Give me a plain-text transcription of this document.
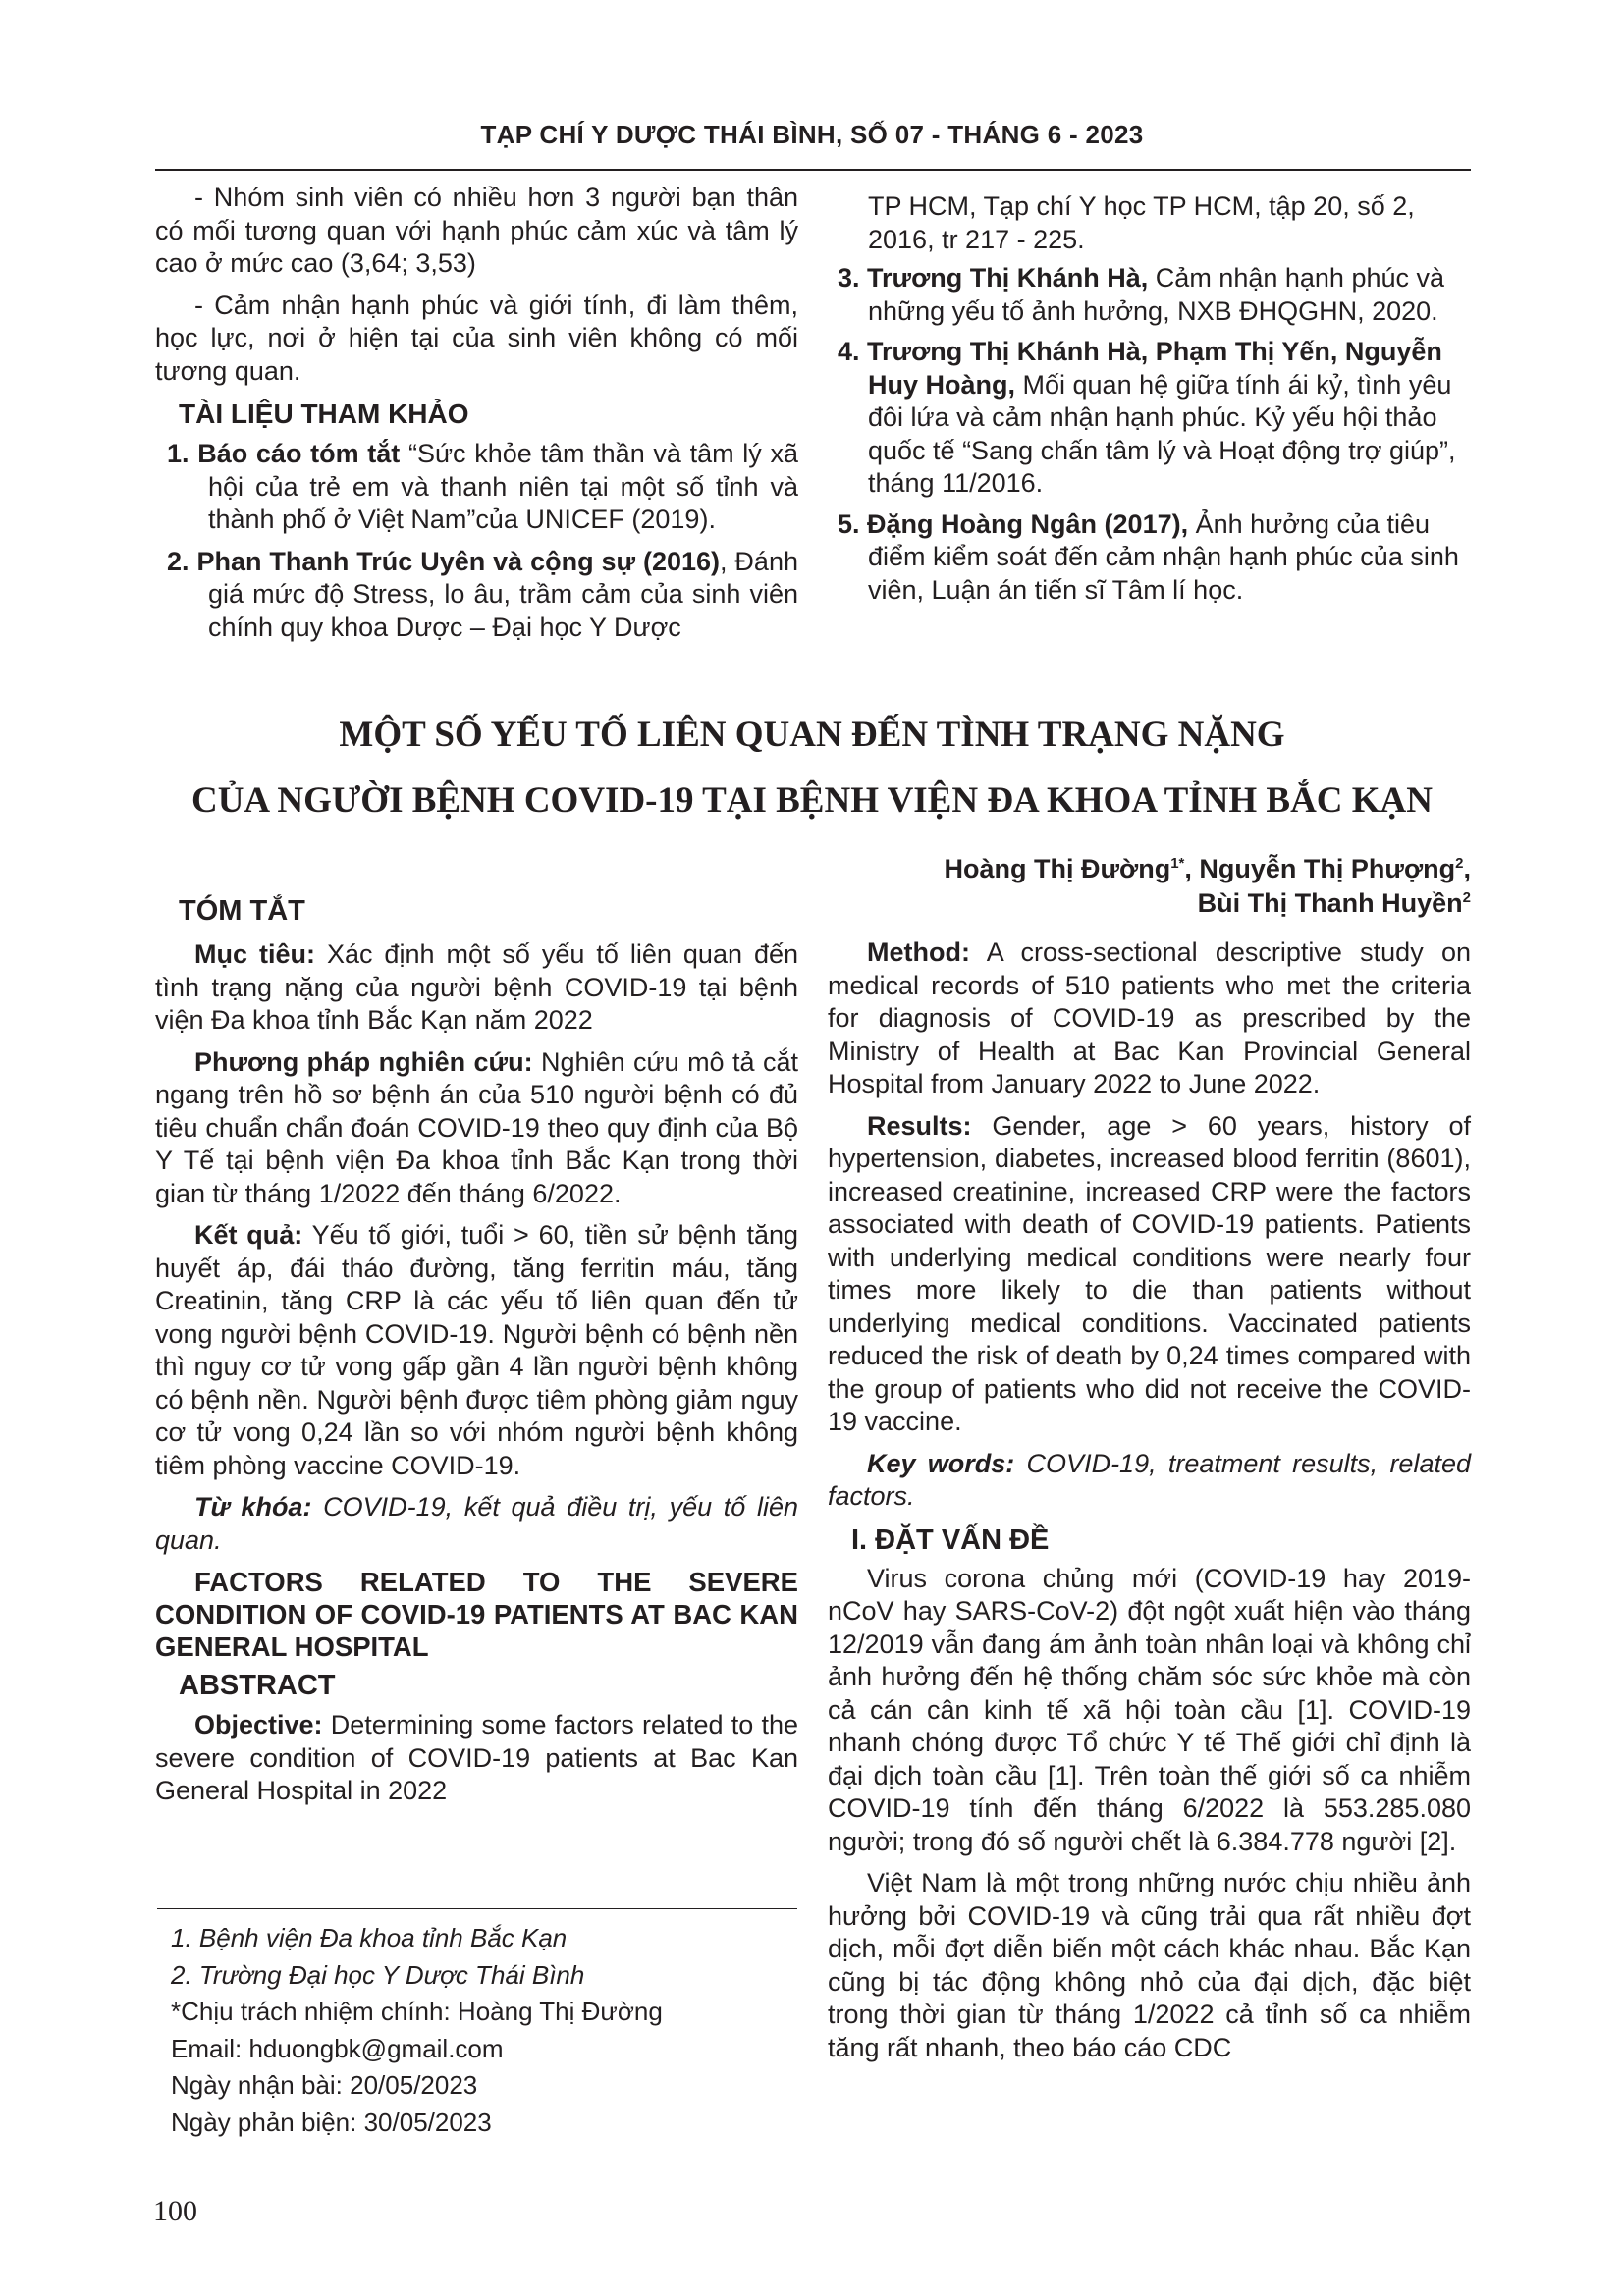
TẠP CHÍ Y DƯỢC THÁI BÌNH, SỐ 07 - THÁNG 6 - 2023

- Nhóm sinh viên có nhiều hơn 3 người bạn thân có mối tương quan với hạnh phúc cảm xúc và tâm lý cao ở mức cao (3,64; 3,53)

- Cảm nhận hạnh phúc và giới tính, đi làm thêm, học lực, nơi ở hiện tại của sinh viên không có mối tương quan.

TÀI LIỆU THAM KHẢO

1. Báo cáo tóm tắt “Sức khỏe tâm thần và tâm lý xã hội của trẻ em và thanh niên tại một số tỉnh và thành phố ở Việt Nam”của UNICEF (2019).

2. Phan Thanh Trúc Uyên và cộng sự (2016), Đánh giá mức độ Stress, lo âu, trầm cảm của sinh viên chính quy khoa Dược – Đại học Y Dược

TP HCM, Tạp chí Y học TP HCM, tập 20, số 2, 2016, tr 217 - 225.

3. Trương Thị Khánh Hà, Cảm nhận hạnh phúc và những yếu tố ảnh hưởng, NXB ĐHQGHN, 2020.

4. Trương Thị Khánh Hà, Phạm Thị Yến, Nguyễn Huy Hoàng, Mối quan hệ giữa tính ái kỷ, tình yêu đôi lứa và cảm nhận hạnh phúc. Kỷ yếu hội thảo quốc tế “Sang chấn tâm lý và Hoạt động trợ giúp”, tháng 11/2016.

5. Đặng Hoàng Ngân (2017), Ảnh hưởng của tiêu điểm kiểm soát đến cảm nhận hạnh phúc của sinh viên, Luận án tiến sĩ Tâm lí học.

MỘT SỐ YẾU TỐ LIÊN QUAN ĐẾN TÌNH TRẠNG NẶNG
CỦA NGƯỜI BỆNH COVID-19 TẠI BỆNH VIỆN ĐA KHOA TỈNH BẮC KẠN
Hoàng Thị Đường$^{1*}$, Nguyễn Thị Phượng$^2$,
Bùi Thị Thanh Huyền$^2$
TÓM TẮT

Mục tiêu: Xác định một số yếu tố liên quan đến tình trạng nặng của người bệnh COVID-19 tại bệnh viện Đa khoa tỉnh Bắc Kạn năm 2022

Phương pháp nghiên cứu: Nghiên cứu mô tả cắt ngang trên hồ sơ bệnh án của 510 người bệnh có đủ tiêu chuẩn chẩn đoán COVID-19 theo quy định của Bộ Y Tế tại bệnh viện Đa khoa tỉnh Bắc Kạn trong thời gian từ tháng 1/2022 đến tháng 6/2022.

Kết quả: Yếu tố giới, tuổi > 60, tiền sử bệnh tăng huyết áp, đái tháo đường, tăng ferritin máu, tăng Creatinin, tăng CRP là các yếu tố liên quan đến tử vong người bệnh COVID-19. Người bệnh có bệnh nền thì nguy cơ tử vong gấp gần 4 lần người bệnh không có bệnh nền. Người bệnh được tiêm phòng giảm nguy cơ tử vong 0,24 lần so với nhóm người bệnh không tiêm phòng vaccine COVID-19.

Từ khóa: COVID-19, kết quả điều trị, yếu tố liên quan.

FACTORS RELATED TO THE SEVERE CONDITION OF COVID-19 PATIENTS AT BAC KAN GENERAL HOSPITAL

ABSTRACT

Objective: Determining some factors related to the severe condition of COVID-19 patients at Bac Kan General Hospital in 2022

1. Bệnh viện Đa khoa tỉnh Bắc Kạn
2. Trường Đại học Y Dược Thái Bình
*Chịu trách nhiệm chính: Hoàng Thị Đường
Email: hduongbk@gmail.com
Ngày nhận bài: 20/05/2023
Ngày phản biện: 30/05/2023

Method: A cross-sectional descriptive study on medical records of 510 patients who met the criteria for diagnosis of COVID-19 as prescribed by the Ministry of Health at Bac Kan Provincial General Hospital from January 2022 to June 2022.

Results: Gender, age > 60 years, history of hypertension, diabetes, increased blood ferritin (8601), increased creatinine, increased CRP were the factors associated with death of COVID-19 patients. Patients with underlying medical conditions were nearly four times more likely to die than patients without underlying medical conditions. Vaccinated patients reduced the risk of death by 0,24 times compared with the group of patients who did not receive the COVID-19 vaccine.

Key words: COVID-19, treatment results, related factors.

I. ĐẶT VẤN ĐỀ

Virus corona chủng mới (COVID-19 hay 2019-nCoV hay SARS-CoV-2) đột ngột xuất hiện vào tháng 12/2019 vẫn đang ám ảnh toàn nhân loại và không chỉ ảnh hưởng đến hệ thống chăm sóc sức khỏe mà còn cả cán cân kinh tế xã hội toàn cầu [1]. COVID-19 nhanh chóng được Tổ chức Y tế Thế giới chỉ định là đại dịch toàn cầu [1]. Trên toàn thế giới số ca nhiễm COVID-19 tính đến tháng 6/2022 là 553.285.080 người; trong đó số người chết là 6.384.778 người [2].

Việt Nam là một trong những nước chịu nhiều ảnh hưởng bởi COVID-19 và cũng trải qua rất nhiều đợt dịch, mỗi đợt diễn biến một cách khác nhau. Bắc Kạn cũng bị tác động không nhỏ của đại dịch, đặc biệt trong thời gian từ tháng 1/2022 cả tỉnh số ca nhiễm tăng rất nhanh, theo báo cáo CDC

100
